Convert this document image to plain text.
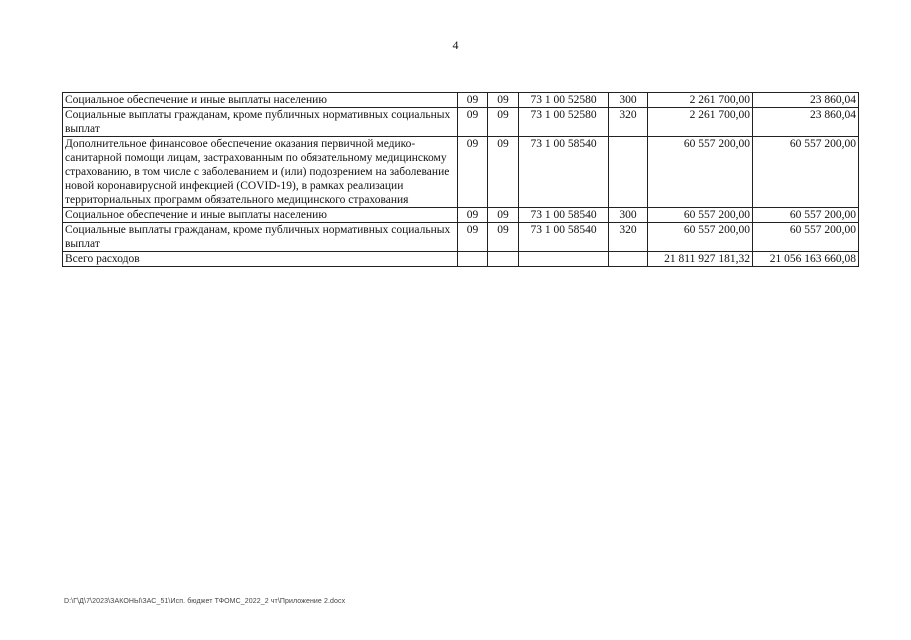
4
Социальное обеспечение и иные выплаты населению	09	09	73 1 00 52580	300	2 261 700,00	23 860,04
Социальные выплаты гражданам, кроме публичных нормативных социальных выплат	09	09	73 1 00 52580	320	2 261 700,00	23 860,04
Дополнительное финансовое обеспечение оказания первичной медико-санитарной помощи лицам, застрахованным по обязательному медицинскому страхованию, в том числе с заболеванием и (или) подозрением на заболевание новой коронавирусной инфекцией (COVID-19), в рамках реализации территориальных программ обязательного медицинского страхования	09	09	73 1 00 58540		60 557 200,00	60 557 200,00
Социальное обеспечение и иные выплаты населению	09	09	73 1 00 58540	300	60 557 200,00	60 557 200,00
Социальные выплаты гражданам, кроме публичных нормативных социальных выплат	09	09	73 1 00 58540	320	60 557 200,00	60 557 200,00
Всего расходов					21 811 927 181,32	21 056 163 660,08
D:\Г\Д\7\2023\ЗАКОНЫ\ЗАС_51\Исп. бюджет ТФОМС_2022_2 чт\Приложение 2.docx
